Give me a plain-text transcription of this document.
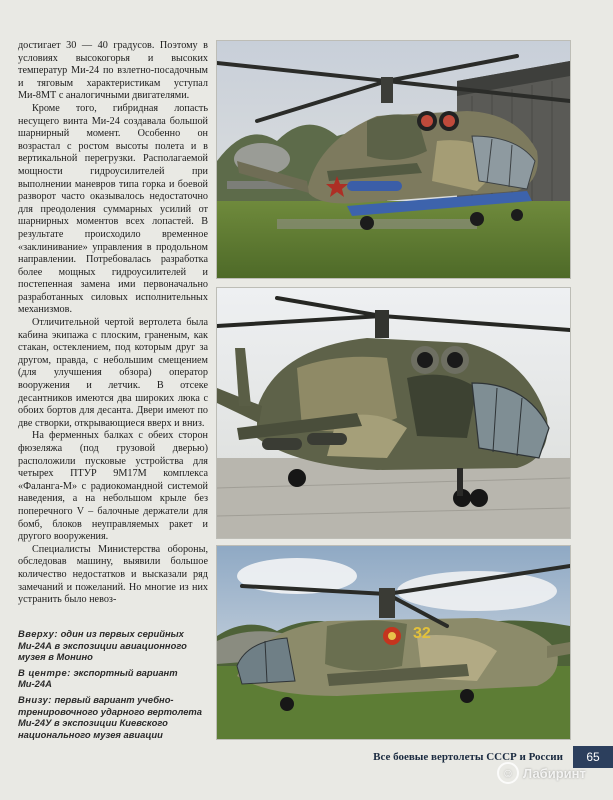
достигает 30 — 40 градусов. Поэтому в условиях высокогорья и высоких температур Ми-24 по взлетно-посадочным и тяговым характеристикам уступал Ми-8МТ с аналогичными двигателями.

Кроме того, гибридная лопасть несущего винта Ми-24 создавала большой шарнирный момент. Особенно он возрастал с ростом высоты полета и в вертикальной перегрузки. Располагаемой мощности гидроусилителей при выполнении маневров типа горка и боевой разворот часто оказывалось недостаточно для преодоления суммарных усилий от шарнирных моментов всех лопастей. В результате происходило временное «заклинивание» управления в продольном направлении. Потребовалась разработка более мощных гидроусилителей и постепенная замена ими первоначально разработанных силовых исполнительных механизмов.

Отличительной чертой вертолета была кабина экипажа с плоским, граненым, как стакан, остеклением, под которым друг за другом, правда, с небольшим смещением (для улучшения обзора) оператор вооружения и летчик. В отсеке десантников имеются два широких люка с обоих бортов для десанта. Двери имеют по две створки, открывающиеся вверх и вниз.

На ферменных балках с обеих сторон фюзеляжа (под грузовой дверью) расположили пусковые устройства для четырех ПТУР 9М17М комплекса «Фаланга-М» с радиокомандной системой наведения, а на небольшом крыле без поперечного V – балочные держатели для бомб, блоков неуправляемых ракет и другого вооружения.

Специалисты Министерства обороны, обследовав машину, выявили большое количество недостатков и высказали ряд замечаний и пожеланий. Но многие из них устранить было невоз-

Вверху: один из первых серийных Ми-24А в экспозиции авиационного музея в Монино
В центре: экспортный вариант Ми-24А
Внизу: первый вариант учебно-тренировочного ударного вертолета Ми-24У в экспозиции Киевского национального музея авиации
32
Все боевые вертолеты СССР и России	65
☺ Лабиринт
